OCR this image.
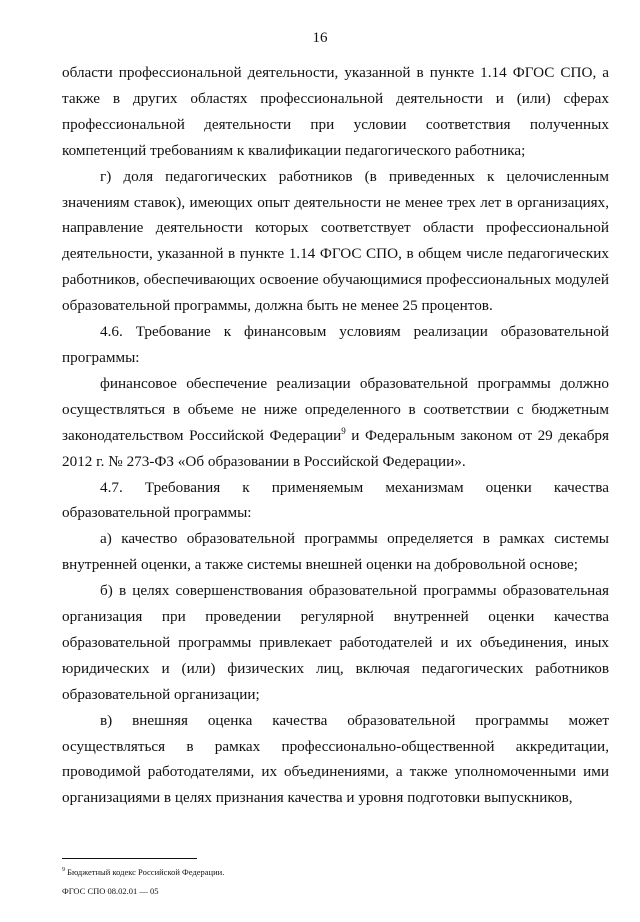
16

области профессиональной деятельности, указанной в пункте 1.14 ФГОС СПО, а также в других областях профессиональной деятельности и (или) сферах профессиональной деятельности при условии соответствия полученных компетенций требованиям к квалификации педагогического работника;

г) доля педагогических работников (в приведенных к целочисленным значениям ставок), имеющих опыт деятельности не менее трех лет в организациях, направление деятельности которых соответствует области профессиональной деятельности, указанной в пункте 1.14 ФГОС СПО, в общем числе педагогических работников, обеспечивающих освоение обучающимися профессиональных модулей образовательной программы, должна быть не менее 25 процентов.

4.6. Требование к финансовым условиям реализации образовательной программы:

финансовое обеспечение реализации образовательной программы должно осуществляться в объеме не ниже определенного в соответствии с бюджетным законодательством Российской Федерации$^9$ и Федеральным законом от 29 декабря 2012 г. № 273-ФЗ «Об образовании в Российской Федерации».

4.7. Требования к применяемым механизмам оценки качества образовательной программы:

а) качество образовательной программы определяется в рамках системы внутренней оценки, а также системы внешней оценки на добровольной основе;

б) в целях совершенствования образовательной программы образовательная организация при проведении регулярной внутренней оценки качества образовательной программы привлекает работодателей и их объединения, иных юридических и (или) физических лиц, включая педагогических работников образовательной организации;

в) внешняя оценка качества образовательной программы может осуществляться в рамках профессионально-общественной аккредитации, проводимой работодателями, их объединениями, а также уполномоченными ими организациями в целях признания качества и уровня подготовки выпускников,

$^9$ Бюджетный кодекс Российской Федерации.
ФГОС СПО 08.02.01 — 05
